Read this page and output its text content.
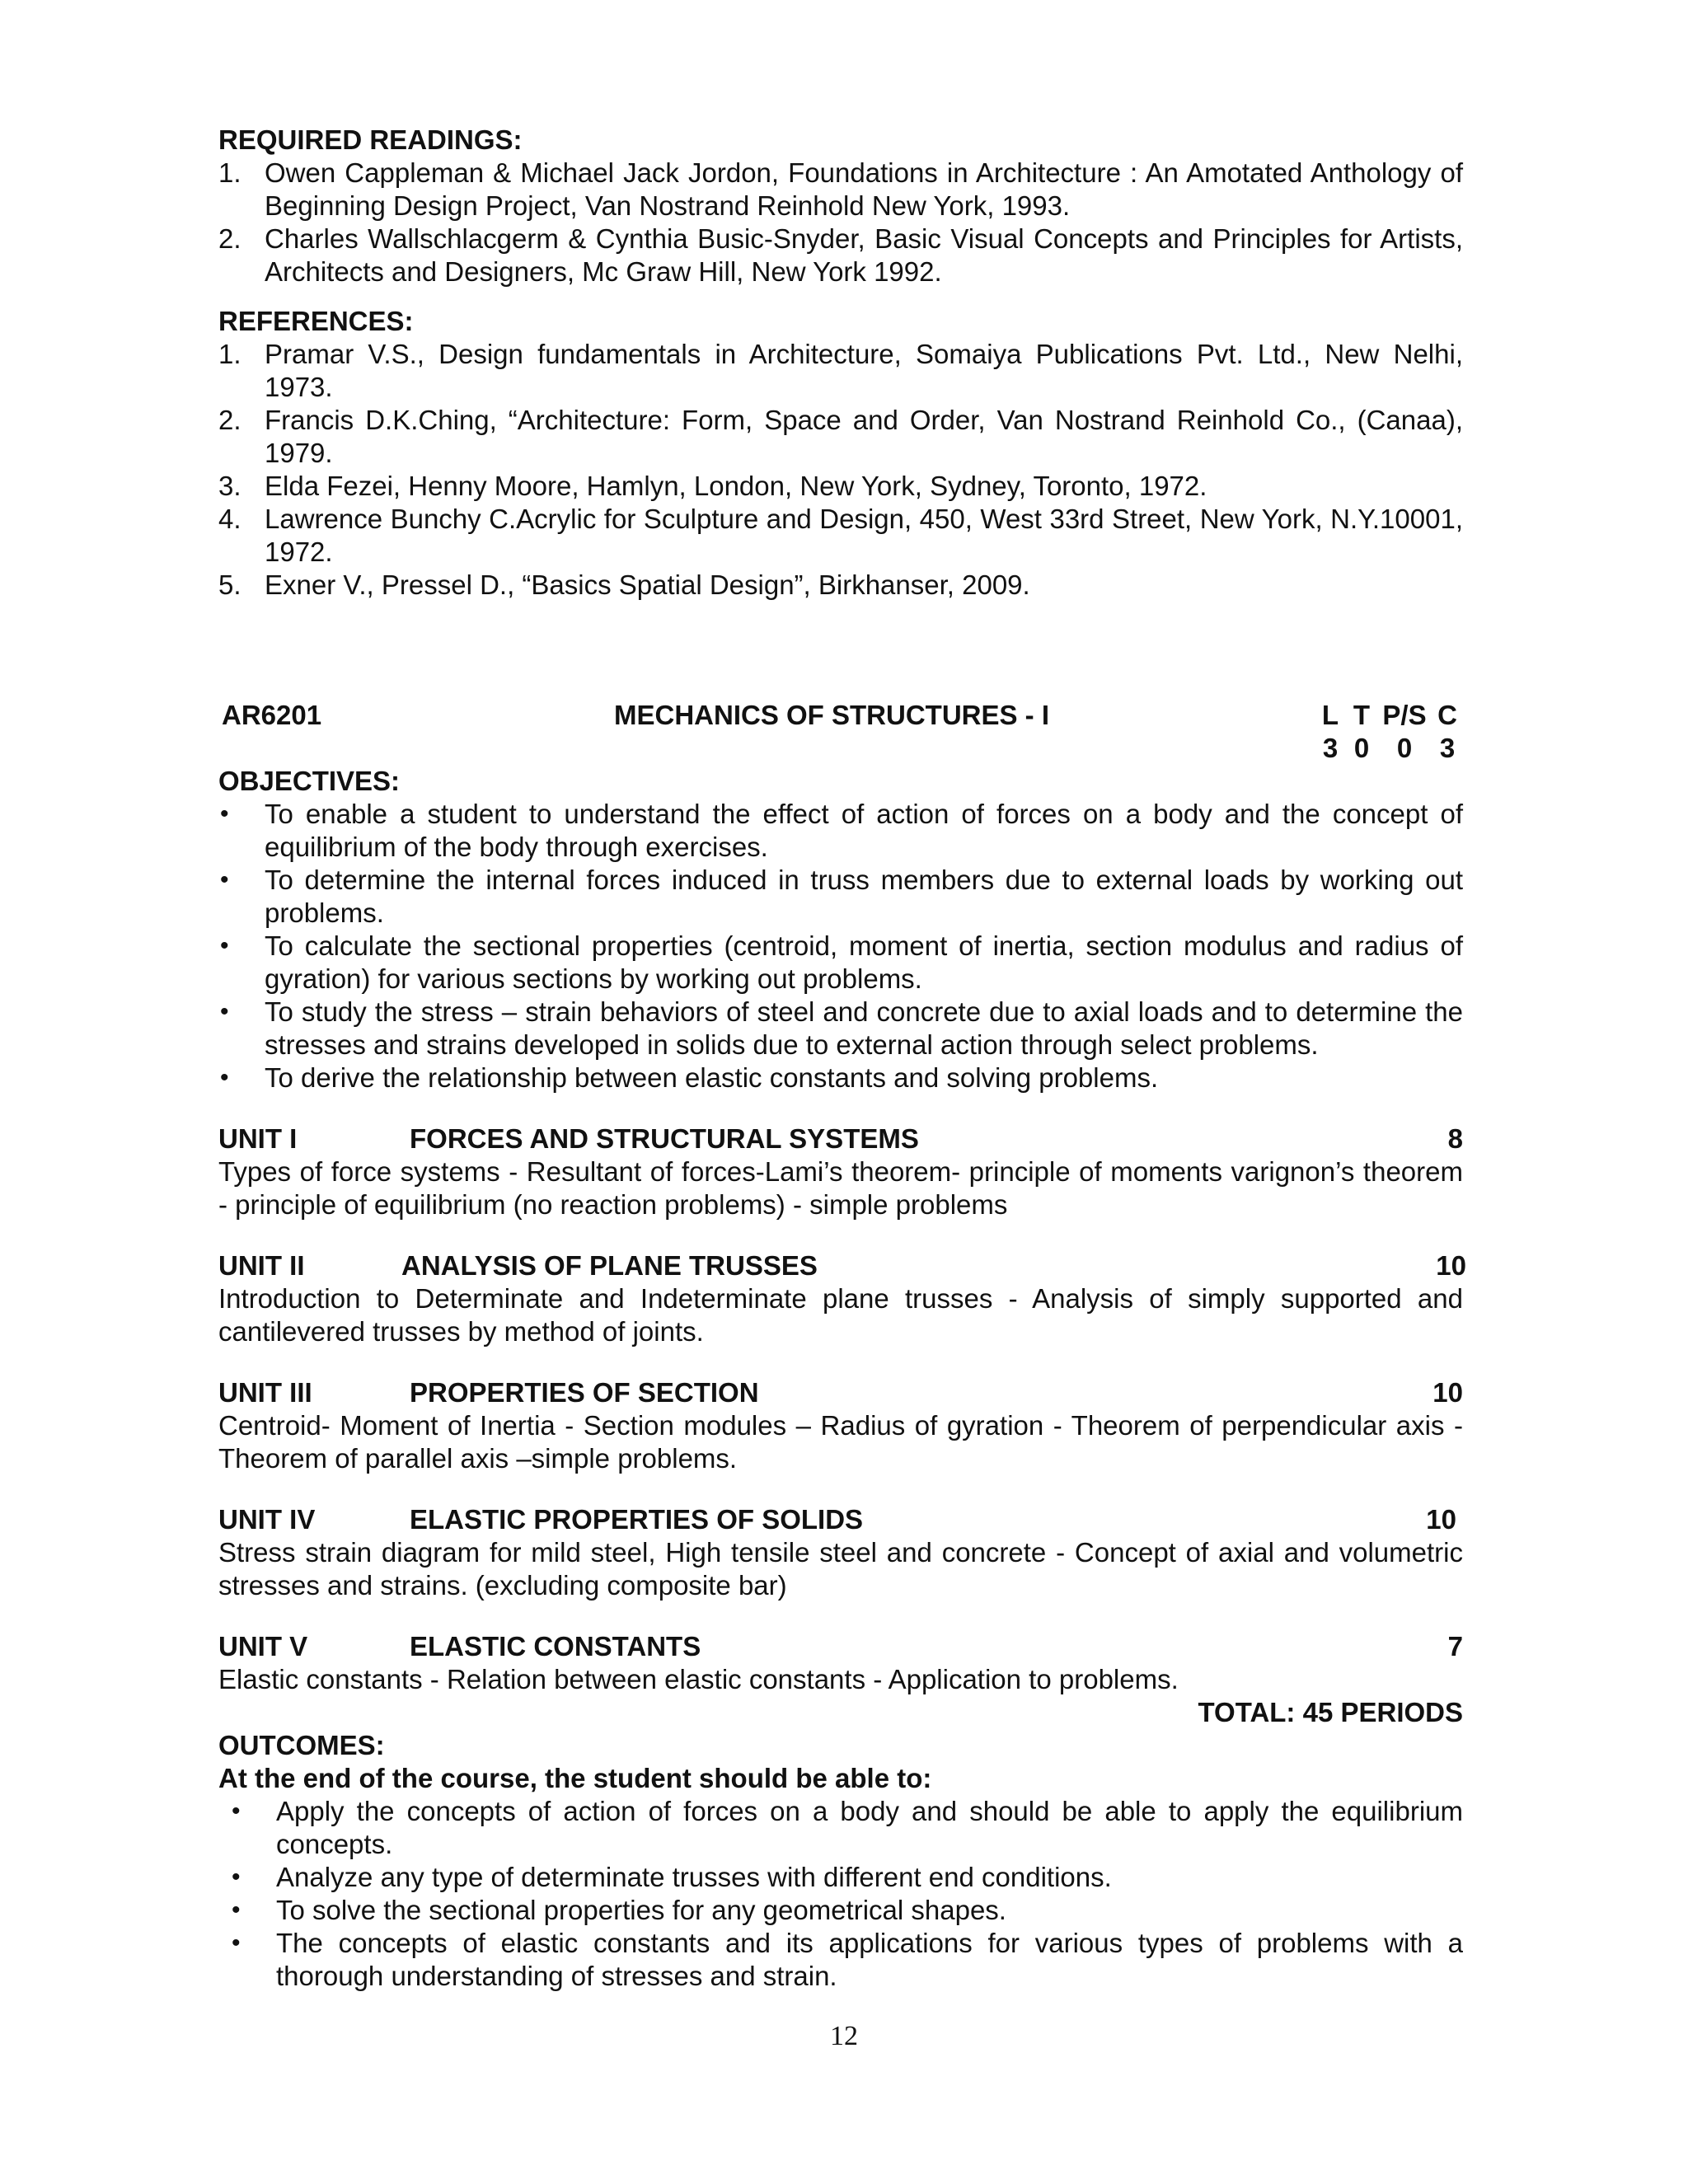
REQUIRED READINGS:

1. Owen Cappleman & Michael Jack Jordon, Foundations in Architecture : An Amotated Anthology of Beginning Design Project, Van Nostrand Reinhold New York, 1993.
2. Charles Wallschlacgerm & Cynthia Busic-Snyder, Basic Visual Concepts and Principles for Artists, Architects and Designers, Mc Graw Hill, New York 1992.

REFERENCES:

1. Pramar V.S., Design fundamentals in Architecture, Somaiya Publications Pvt. Ltd., New Nelhi, 1973.
2. Francis D.K.Ching, “Architecture: Form, Space and Order, Van Nostrand Reinhold Co., (Canaa), 1979.
3. Elda Fezei, Henny Moore, Hamlyn, London, New York, Sydney, Toronto, 1972.
4. Lawrence Bunchy C.Acrylic for Sculpture and Design, 450, West 33rd Street, New York, N.Y.10001, 1972.
5. Exner V., Pressel D., “Basics Spatial Design”, Birkhanser, 2009.
AR6201	MECHANICS OF STRUCTURES - I	L T P/S C
3 0	0	3

OBJECTIVES:

• To enable a student to understand the effect of action of forces on a body and the concept of equilibrium of the body through exercises.
• To determine the internal forces induced in truss members due to external loads by working out problems.
• To calculate the sectional properties (centroid, moment of inertia, section modulus and radius of gyration) for various sections by working out problems.
• To study the stress – strain behaviors of steel and concrete due to axial loads and to determine the stresses and strains developed in solids due to external action through select problems.
• To derive the relationship between elastic constants and solving problems.
UNIT I	FORCES AND STRUCTURAL SYSTEMS	8
Types of force systems - Resultant of forces-Lami’s theorem- principle of moments varignon’s theorem - principle of equilibrium (no reaction problems) - simple problems
UNIT II	ANALYSIS OF PLANE TRUSSES	10
Introduction to Determinate and Indeterminate plane trusses - Analysis of simply supported and cantilevered trusses by method of joints.
UNIT III	PROPERTIES OF SECTION	10
Centroid- Moment of Inertia - Section modules – Radius of gyration - Theorem of perpendicular axis - Theorem of parallel axis –simple problems.
UNIT IV	ELASTIC PROPERTIES OF SOLIDS	10
Stress strain diagram for mild steel, High tensile steel and concrete - Concept of axial and volumetric stresses and strains. (excluding composite bar)
UNIT V	ELASTIC CONSTANTS	7
Elastic constants - Relation between elastic constants - Application to problems.
TOTAL: 45 PERIODS

OUTCOMES:

At the end of the course, the student should be able to:

• Apply the concepts of action of forces on a body and should be able to apply the equilibrium concepts.
• Analyze any type of determinate trusses with different end conditions.
• To solve the sectional properties for any geometrical shapes.
• The concepts of elastic constants and its applications for various types of problems with a thorough understanding of stresses and strain.
12
